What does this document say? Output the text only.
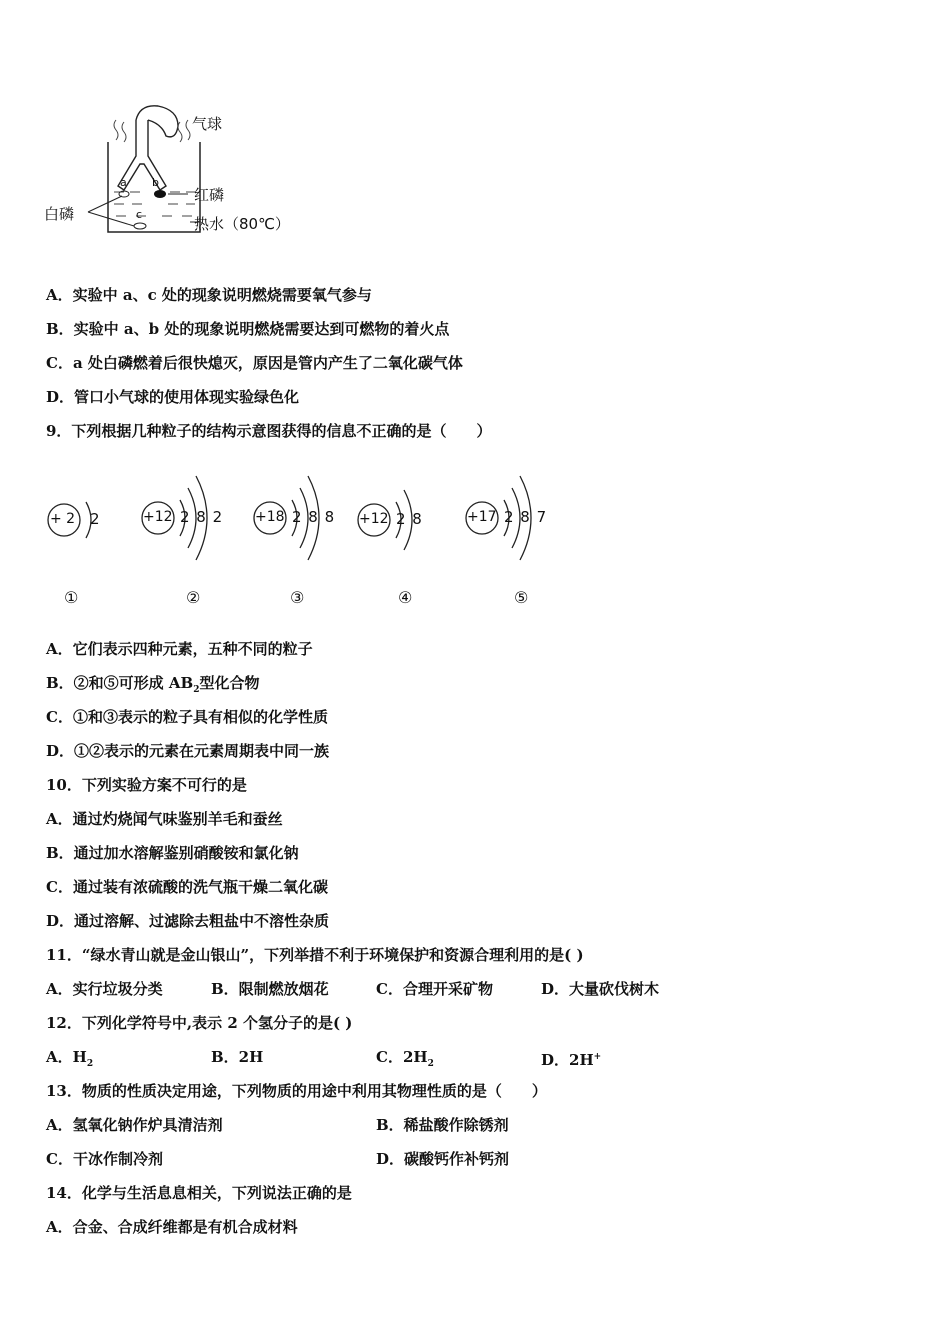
气球
红磷
白磷
热水（80℃）
a b
c
A．实验中 a、c 处的现象说明燃烧需要氧气参与
B．实验中 a、b 处的现象说明燃烧需要达到可燃物的着火点
C．a 处白磷燃着后很快熄灭，原因是管内产生了二氧化碳气体
D．管口小气球的使用体现实验绿色化
9．下列根据几种粒子的结构示意图获得的信息不正确的是（　　）
+ 2 2	+12 2 8 2 +18 2 8 8 +12 2 8	+17 2 8 7
①	②	③	④	⑤
A．它们表示四种元素，五种不同的粒子
B．②和⑤可形成 $AB_2$型化合物
C．①和③表示的粒子具有相似的化学性质
D．①②表示的元素在元素周期表中同一族
10．下列实验方案不可行的是
A．通过灼烧闻气味鉴别羊毛和蚕丝
B．通过加水溶解鉴别硝酸铵和氯化钠
C．通过装有浓硫酸的洗气瓶干燥二氧化碳
D．通过溶解、过滤除去粗盐中不溶性杂质
11．“绿水青山就是金山银山”，下列举措不利于环境保护和资源合理利用的是( )
A．实行垃圾分类	B．限制燃放烟花	C．合理开采矿物	D．大量砍伐树木
12．下列化学符号中,表示 2 个氢分子的是( )
A．$H_2$	B．2H	C．$2H_2$	D．2H+
13．物质的性质决定用途，下列物质的用途中利用其物理性质的是（　　）
A．氢氧化钠作炉具清洁剂	B．稀盐酸作除锈剂
C．干冰作制冷剂	D．碳酸钙作补钙剂
14．化学与生活息息相关，下列说法正确的是
A．合金、合成纤维都是有机合成材料
